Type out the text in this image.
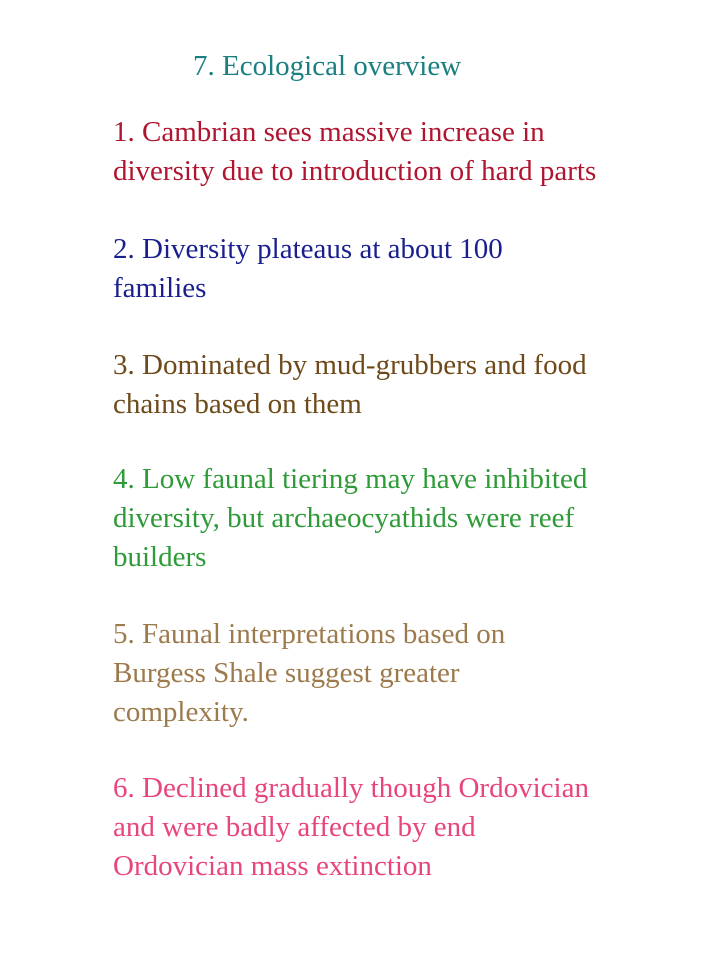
7. Ecological overview
1. Cambrian sees massive increase in
diversity due to introduction of hard parts
2. Diversity plateaus at about 100
families
3. Dominated by mud-grubbers and food
chains based on them
4. Low faunal tiering may have inhibited
diversity, but archaeocyathids were reef
builders
5. Faunal interpretations based on
Burgess Shale suggest greater
complexity.
6. Declined gradually though Ordovician
and were badly affected by end
Ordovician mass extinction
